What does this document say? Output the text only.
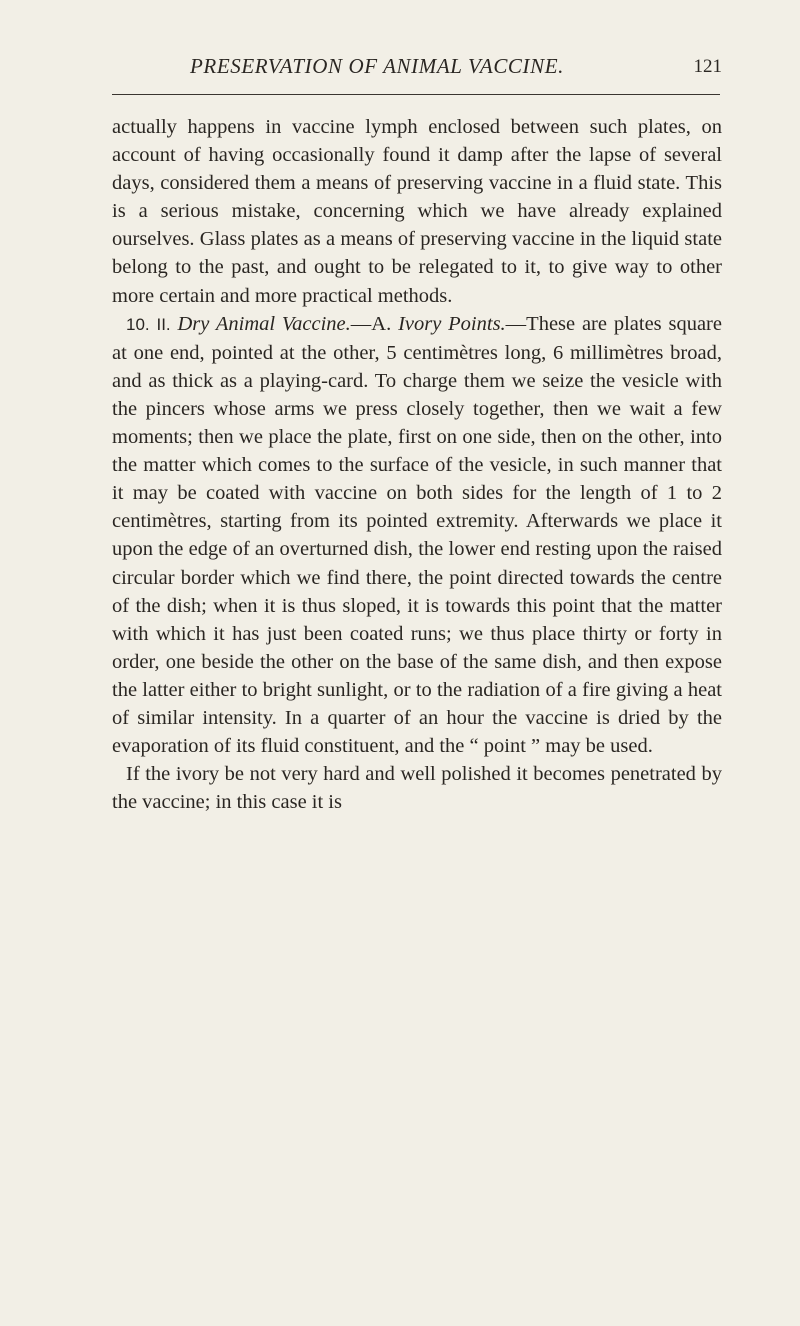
PRESERVATION OF ANIMAL VACCINE.	121

actually happens in vaccine lymph enclosed between such plates, on account of having occasionally found it damp after the lapse of several days, considered them a means of preserving vaccine in a fluid state. This is a serious mistake, concerning which we have already explained ourselves. Glass plates as a means of preserving vaccine in the liquid state belong to the past, and ought to be relegated to it, to give way to other more certain and more practical methods.

10. II. Dry Animal Vaccine.—A. Ivory Points.—These are plates square at one end, pointed at the other, 5 centimètres long, 6 millimètres broad, and as thick as a playing-card. To charge them we seize the vesicle with the pincers whose arms we press closely together, then we wait a few moments; then we place the plate, first on one side, then on the other, into the matter which comes to the surface of the vesicle, in such manner that it may be coated with vaccine on both sides for the length of 1 to 2 centimètres, starting from its pointed extremity. Afterwards we place it upon the edge of an overturned dish, the lower end resting upon the raised circular border which we find there, the point directed towards the centre of the dish; when it is thus sloped, it is towards this point that the matter with which it has just been coated runs; we thus place thirty or forty in order, one beside the other on the base of the same dish, and then expose the latter either to bright sunlight, or to the radiation of a fire giving a heat of similar intensity. In a quarter of an hour the vaccine is dried by the evaporation of its fluid constituent, and the “ point ” may be used.

If the ivory be not very hard and well polished it becomes penetrated by the vaccine; in this case it is
